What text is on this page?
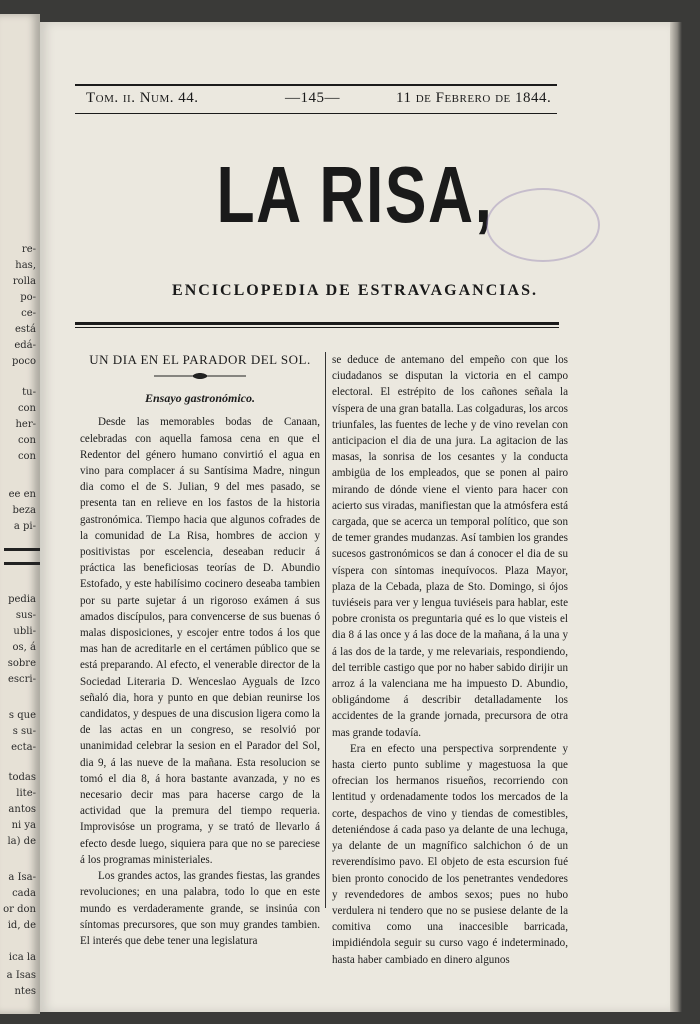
re-
has,
rolla
po-
ce-
está
edá-
poco
tu-
con
her-
con
con
ee en
beza
a pi-
pedia
sus-
ubli-
os, á
sobre
escri-
s que
s su-
ecta-
todas
lite-
antos
ni ya
la) de
a Isa-
cada
or don
id, de
ica la
a Isas
ntes
Tom. ii. Num. 44.	—145—	11 de Febrero de 1844.
LA RISA,
ENCICLOPEDIA DE ESTRAVAGANCIAS.

UN DIA EN EL PARADOR DEL SOL.

Ensayo gastronómico.

Desde las memorables bodas de Canaan, celebradas con aquella famosa cena en que el Redentor del género humano convirtió el agua en vino para complacer á su Santísima Madre, ningun dia como el de S. Julian, 9 del mes pasado, se presenta tan en relieve en los fastos de la historia gastronómica. Tiempo hacia que algunos cofrades de la comunidad de La Risa, hombres de accion y positivistas por escelencia, deseaban reducir á práctica las beneficiosas teorías de D. Abundio Estofado, y este habilísimo cocinero deseaba tambien por su parte sujetar á un rigoroso exámen á sus amados discípulos, para convencerse de sus buenas ó malas disposiciones, y escojer entre todos á los que mas han de acreditarle en el certámen público que se está preparando. Al efecto, el venerable director de la Sociedad Literaria D. Wenceslao Ayguals de Izco señaló dia, hora y punto en que debian reunirse los candidatos, y despues de una discusion ligera como la de las actas en un congreso, se resolvió por unanimidad celebrar la sesion en el Parador del Sol, dia 9, á las nueve de la mañana. Esta resolucion se tomó el dia 8, á hora bastante avanzada, y no es necesario decir mas para hacerse cargo de la actividad que la premura del tiempo requeria. Improvisóse un programa, y se trató de llevarlo á efecto desde luego, siquiera para que no se pareciese á los programas ministeriales.

Los grandes actos, las grandes fiestas, las grandes revoluciones; en una palabra, todo lo que en este mundo es verdaderamente grande, se insinúa con síntomas precursores, que son muy grandes tambien. El interés que debe tener una legislatura

se deduce de antemano del empeño con que los ciudadanos se disputan la victoria en el campo electoral. El estrépito de los cañones señala la víspera de una gran batalla. Las colgaduras, los arcos triunfales, las fuentes de leche y de vino revelan con anticipacion el dia de una jura. La agitacion de las masas, la sonrisa de los cesantes y la conducta ambigüa de los empleados, que se ponen al pairo mirando de dónde viene el viento para hacer con acierto sus viradas, manifiestan que la atmósfera está cargada, que se acerca un temporal político, que son de temer grandes mudanzas. Así tambien los grandes sucesos gastronómicos se dan á conocer el dia de su víspera con síntomas inequívocos. Plaza Mayor, plaza de la Cebada, plaza de Sto. Domingo, si ójos tuviéseis para ver y lengua tuviéseis para hablar, este pobre cronista os preguntaria qué es lo que visteis el dia 8 á las once y á las doce de la mañana, á la una y á las dos de la tarde, y me relevariais, respondiendo, del terrible castigo que por no haber sabido dirijir un arroz á la valenciana me ha impuesto D. Abundio, obligándome á describir detalladamente los accidentes de la grande jornada, precursora de otra mas grande todavía.

Era en efecto una perspectiva sorprendente y hasta cierto punto sublime y magestuosa la que ofrecian los hermanos risueños, recorriendo con lentitud y ordenadamente todos los mercados de la corte, despachos de vino y tiendas de comestibles, deteniéndose á cada paso ya delante de una lechuga, ya delante de un magnífico salchichon ó de un reverendísimo pavo. El objeto de esta escursion fué bien pronto conocido de los penetrantes vendedores y revendedores de ambos sexos; pues no hubo verdulera ni tendero que no se pusiese delante de la comitiva como una inaccesible barricada, impidiéndola seguir su curso vago é indeterminado, hasta haber cambiado en dinero algunos
